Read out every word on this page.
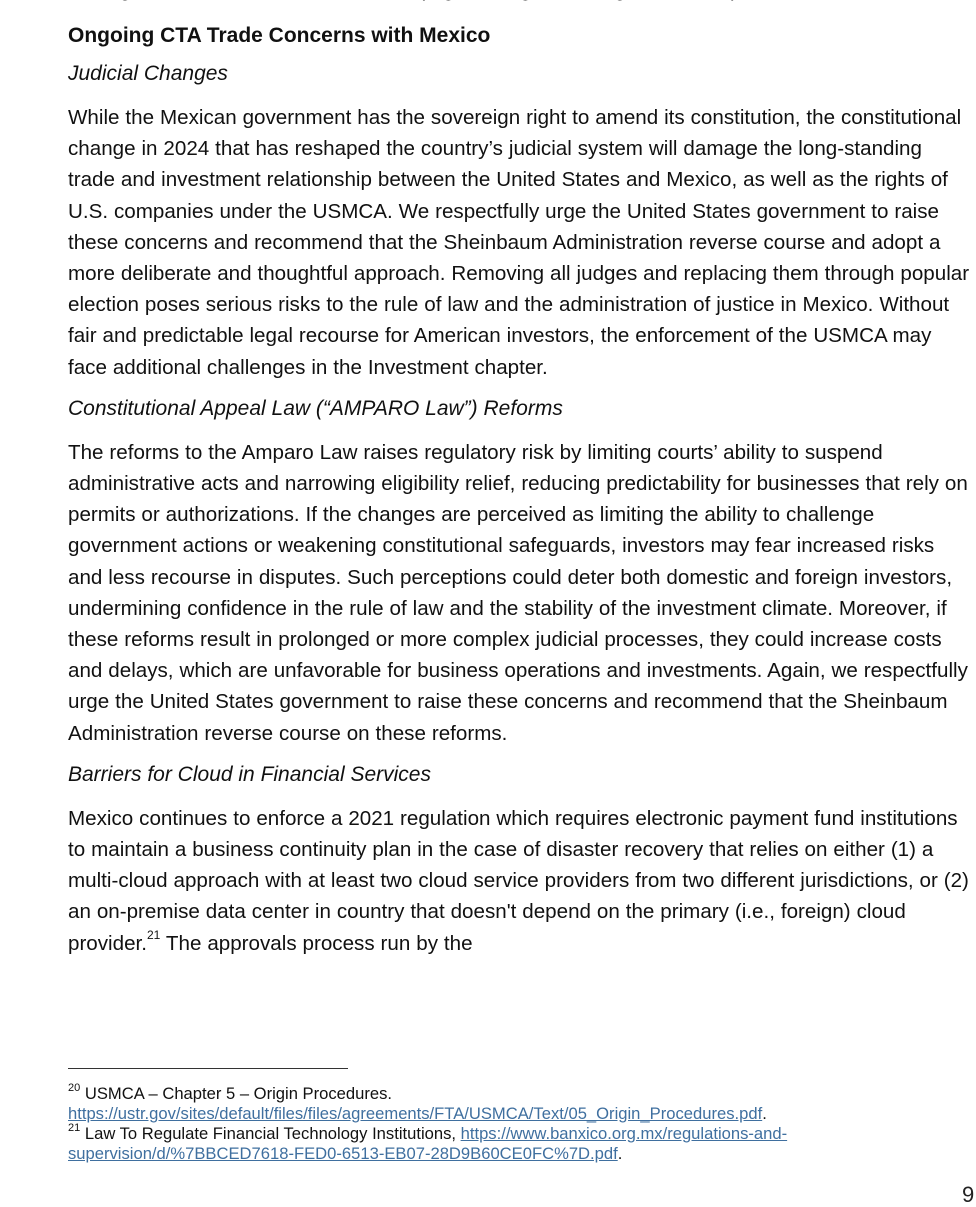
Ongoing CTA Trade Concerns with Mexico
Judicial Changes
While the Mexican government has the sovereign right to amend its constitution, the constitutional change in 2024 that has reshaped the country’s judicial system will damage the long-standing trade and investment relationship between the United States and Mexico, as well as the rights of U.S. companies under the USMCA. We respectfully urge the United States government to raise these concerns and recommend that the Sheinbaum Administration reverse course and adopt a more deliberate and thoughtful approach. Removing all judges and replacing them through popular election poses serious risks to the rule of law and the administration of justice in Mexico. Without fair and predictable legal recourse for American investors, the enforcement of the USMCA may face additional challenges in the Investment chapter.
Constitutional Appeal Law (“AMPARO Law”) Reforms
The reforms to the Amparo Law raises regulatory risk by limiting courts’ ability to suspend administrative acts and narrowing eligibility relief, reducing predictability for businesses that rely on permits or authorizations. If the changes are perceived as limiting the ability to challenge government actions or weakening constitutional safeguards, investors may fear increased risks and less recourse in disputes. Such perceptions could deter both domestic and foreign investors, undermining confidence in the rule of law and the stability of the investment climate. Moreover, if these reforms result in prolonged or more complex judicial processes, they could increase costs and delays, which are unfavorable for business operations and investments. Again, we respectfully urge the United States government to raise these concerns and recommend that the Sheinbaum Administration reverse course on these reforms.
Barriers for Cloud in Financial Services
Mexico continues to enforce a 2021 regulation which requires electronic payment fund institutions to maintain a business continuity plan in the case of disaster recovery that relies on either (1) a multi-cloud approach with at least two cloud service providers from two different jurisdictions, or (2) an on-premise data center in country that doesn't depend on the primary (i.e., foreign) cloud provider.$^{21}$ The approvals process run by the
$^{20}$ USMCA – Chapter 5 – Origin Procedures.
https://ustr.gov/sites/default/files/files/agreements/FTA/USMCA/Text/05_Origin_Procedures.pdf.
$^{21}$ Law To Regulate Financial Technology Institutions, https://www.banxico.org.mx/regulations-and-supervision/d/%7BBCED7618-FED0-6513-EB07-28D9B60CE0FC%7D.pdf.
9
